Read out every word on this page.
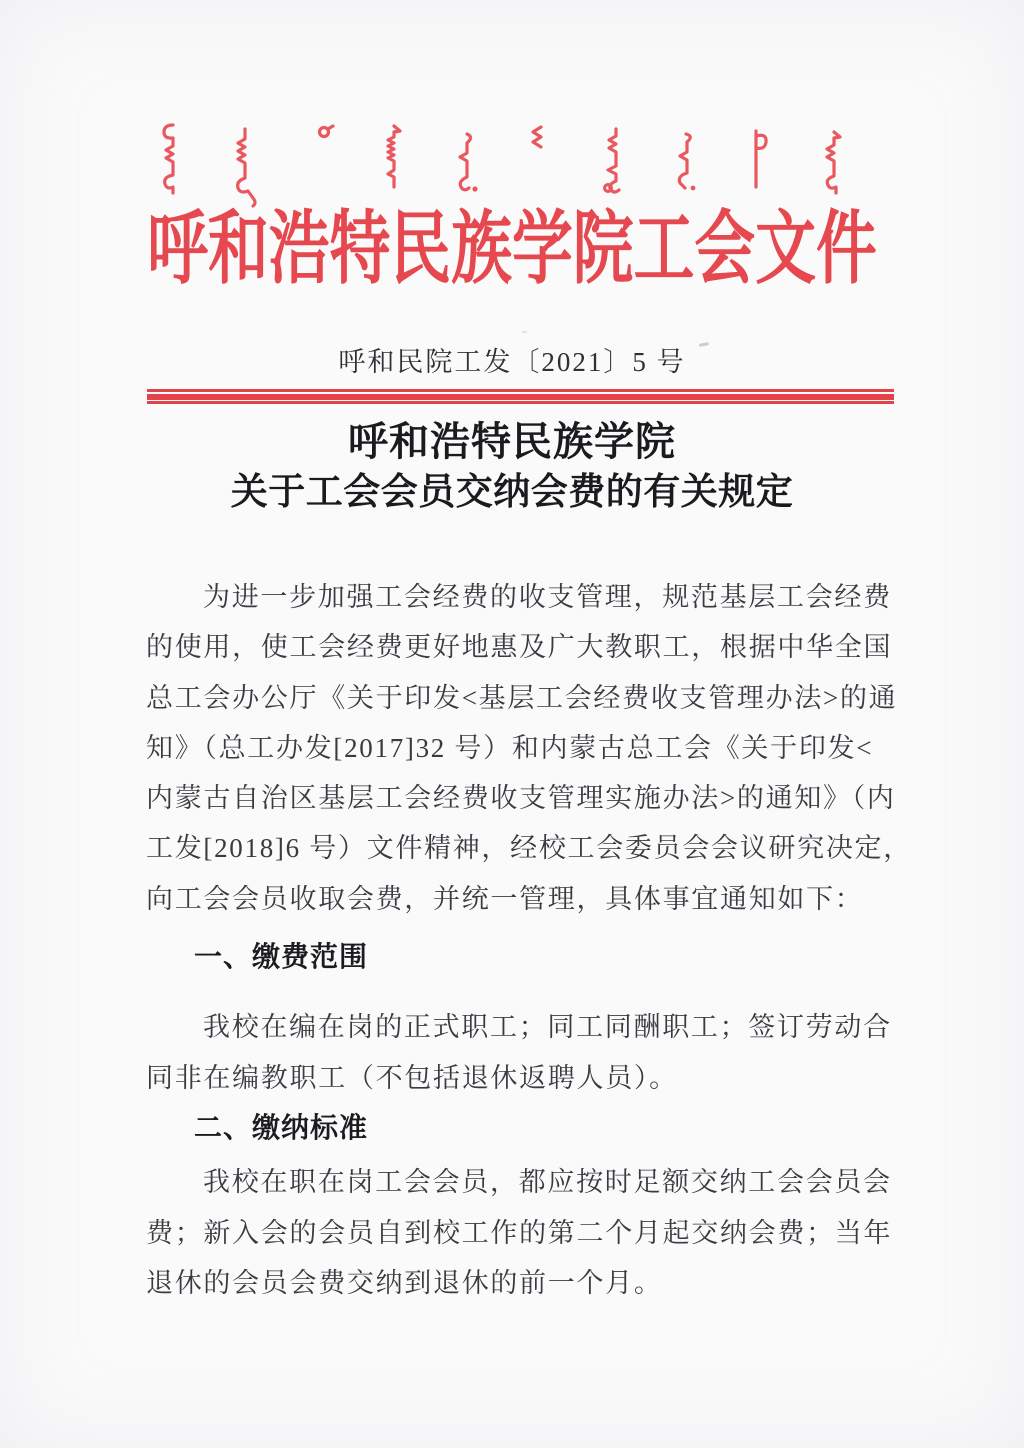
呼和浩特民族学院工会文件
呼和民院工发〔2021〕5 号
呼和浩特民族学院
关于工会会员交纳会费的有关规定
为进一步加强工会经费的收支管理，规范基层工会经费
的使用，使工会经费更好地惠及广大教职工，根据中华全国
总工会办公厅《关于印发<基层工会经费收支管理办法>的通
知》（总工办发[2017]32 号）和内蒙古总工会《关于印发<
内蒙古自治区基层工会经费收支管理实施办法>的通知》（内
工发[2018]6 号）文件精神，经校工会委员会会议研究决定，
向工会会员收取会费，并统一管理，具体事宜通知如下：
一、缴费范围
我校在编在岗的正式职工；同工同酬职工；签订劳动合
同非在编教职工（不包括退休返聘人员）。
二、缴纳标准
我校在职在岗工会会员，都应按时足额交纳工会会员会
费；新入会的会员自到校工作的第二个月起交纳会费；当年
退休的会员会费交纳到退休的前一个月。
